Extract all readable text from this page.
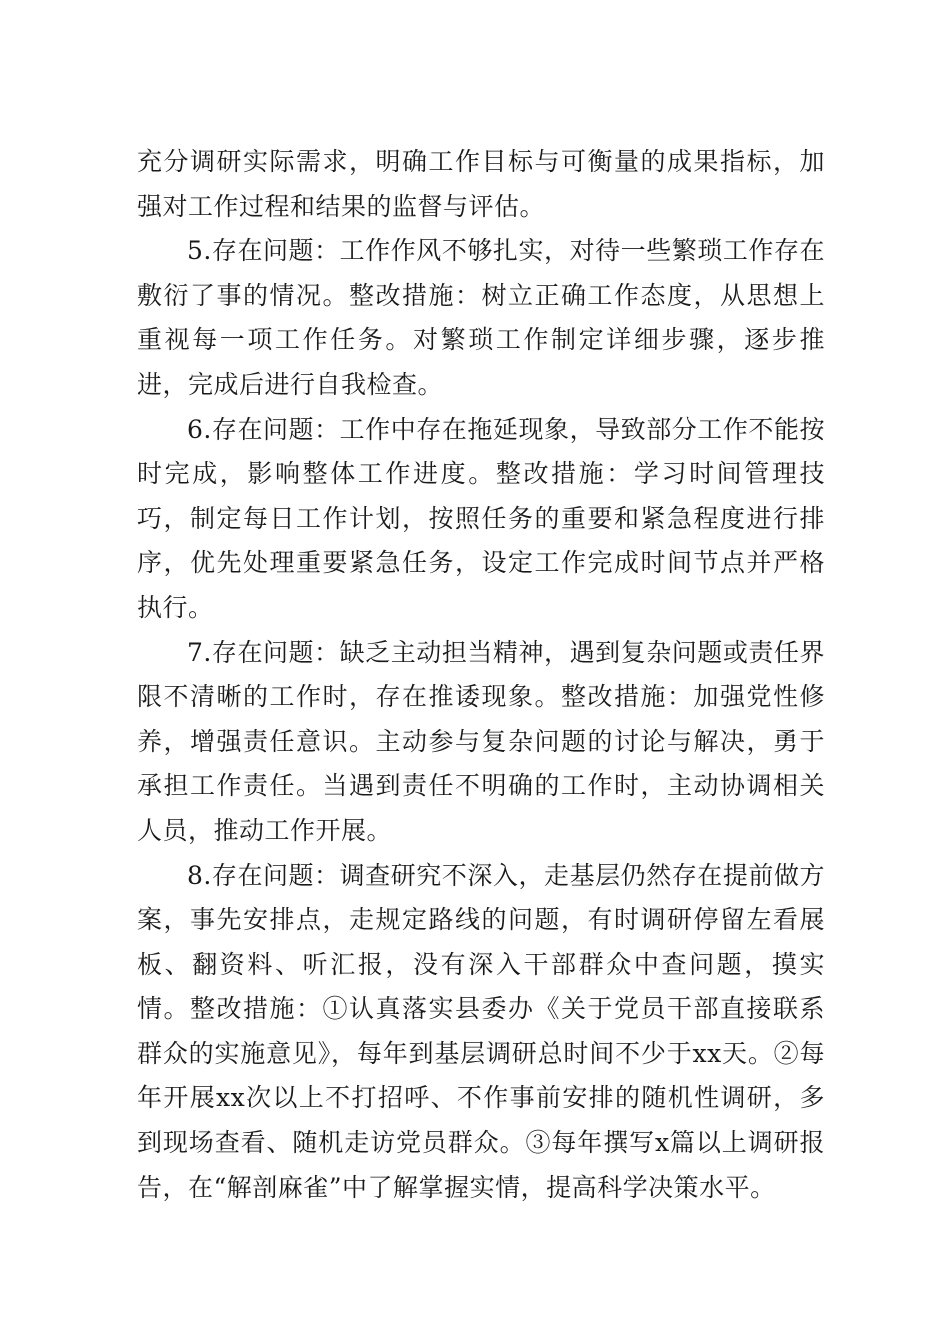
充分调研实际需求，明确工作目标与可衡量的成果指标，加强对工作过程和结果的监督与评估。

5.存在问题：工作作风不够扎实，对待一些繁琐工作存在敷衍了事的情况。整改措施：树立正确工作态度，从思想上重视每一项工作任务。对繁琐工作制定详细步骤，逐步推进，完成后进行自我检查。

6.存在问题：工作中存在拖延现象，导致部分工作不能按时完成，影响整体工作进度。整改措施：学习时间管理技巧，制定每日工作计划，按照任务的重要和紧急程度进行排序，优先处理重要紧急任务，设定工作完成时间节点并严格执行。

7.存在问题：缺乏主动担当精神，遇到复杂问题或责任界限不清晰的工作时，存在推诿现象。整改措施：加强党性修养，增强责任意识。主动参与复杂问题的讨论与解决，勇于承担工作责任。当遇到责任不明确的工作时，主动协调相关人员，推动工作开展。

8.存在问题：调查研究不深入，走基层仍然存在提前做方案，事先安排点，走规定路线的问题，有时调研停留左看展板、翻资料、听汇报，没有深入干部群众中查问题，摸实情。整改措施：①认真落实县委办《关于党员干部直接联系群众的实施意见》，每年到基层调研总时间不少于xx天。②每年开展xx次以上不打招呼、不作事前安排的随机性调研，多到现场查看、随机走访党员群众。③每年撰写x篇以上调研报告，在“解剖麻雀”中了解掌握实情，提高科学决策水平。
